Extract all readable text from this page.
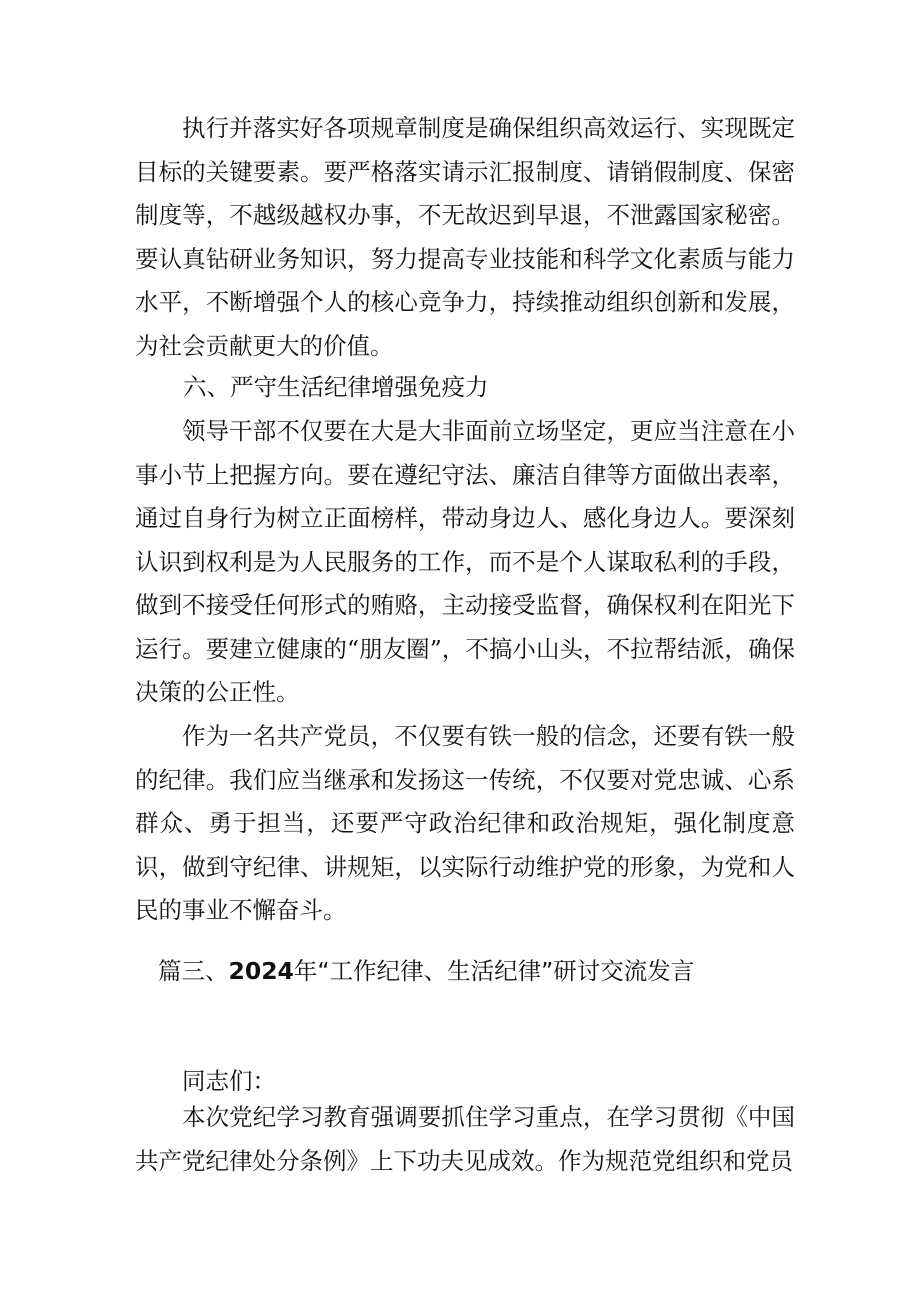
执行并落实好各项规章制度是确保组织高效运行、实现既定目标的关键要素。要严格落实请示汇报制度、请销假制度、保密制度等，不越级越权办事，不无故迟到早退，不泄露国家秘密。要认真钻研业务知识，努力提高专业技能和科学文化素质与能力水平，不断增强个人的核心竞争力，持续推动组织创新和发展，为社会贡献更大的价值。

六、严守生活纪律增强免疫力

领导干部不仅要在大是大非面前立场坚定，更应当注意在小事小节上把握方向。要在遵纪守法、廉洁自律等方面做出表率，通过自身行为树立正面榜样，带动身边人、感化身边人。要深刻认识到权利是为人民服务的工作，而不是个人谋取私利的手段，做到不接受任何形式的贿赂，主动接受监督，确保权利在阳光下运行。要建立健康的“朋友圈”，不搞小山头，不拉帮结派，确保决策的公正性。

作为一名共产党员，不仅要有铁一般的信念，还要有铁一般的纪律。我们应当继承和发扬这一传统，不仅要对党忠诚、心系群众、勇于担当，还要严守政治纪律和政治规矩，强化制度意识，做到守纪律、讲规矩，以实际行动维护党的形象，为党和人民的事业不懈奋斗。

篇三、2024年“工作纪律、生活纪律”研讨交流发言

同志们：

本次党纪学习教育强调要抓住学习重点，在学习贯彻《中国共产党纪律处分条例》上下功夫见成效。作为规范党组织和党员
